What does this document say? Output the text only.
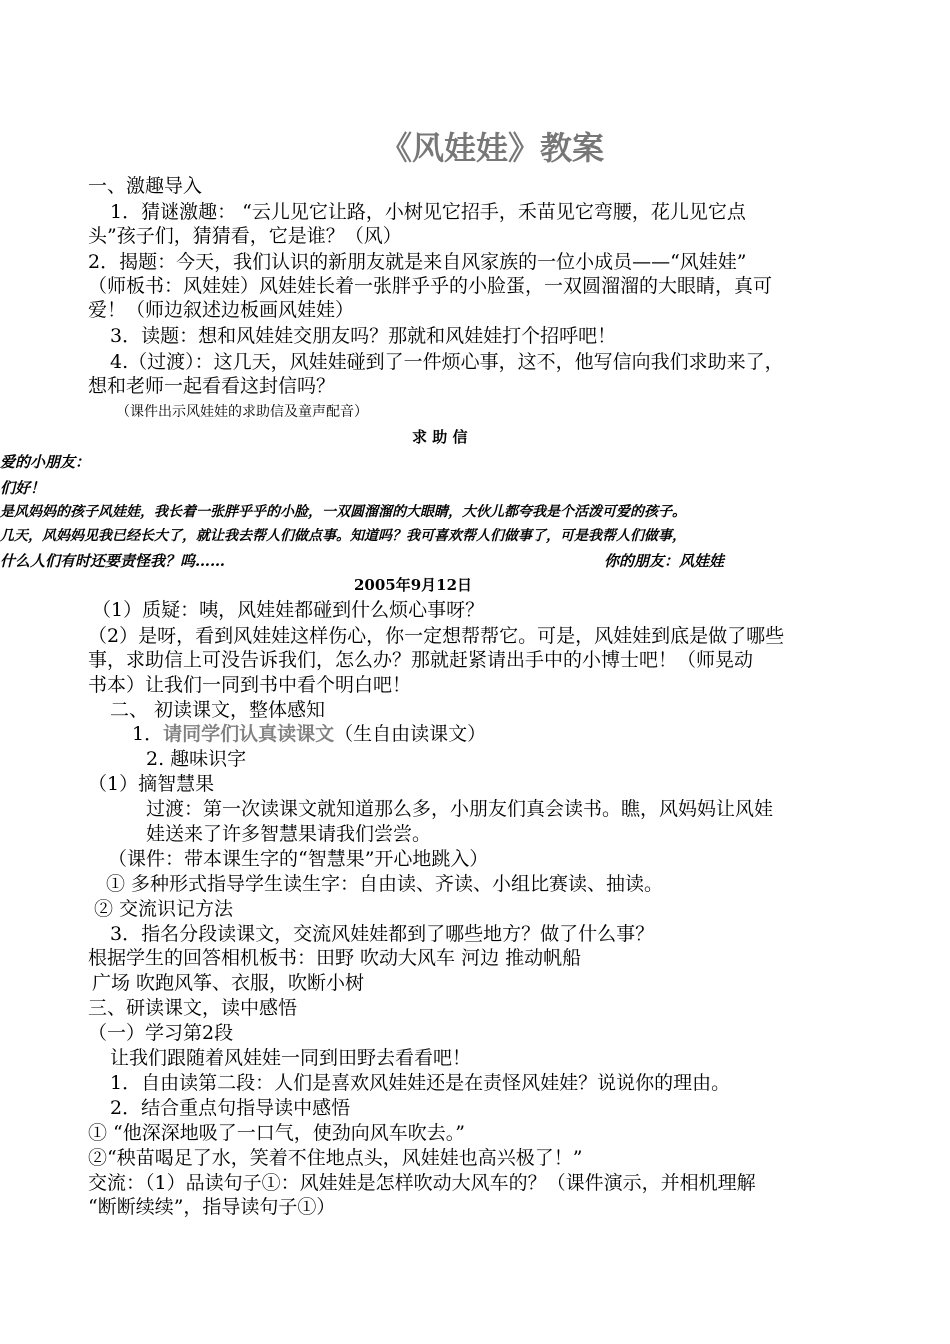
《风娃娃》教案
一、激趣导入
1．猜谜激趣： “云儿见它让路，小树见它招手，禾苗见它弯腰，花儿见它点
头”孩子们，猜猜看，它是谁？（风）
2．揭题：今天，我们认识的新朋友就是来自风家族的一位小成员——“风娃娃”
（师板书：风娃娃）风娃娃长着一张胖乎乎的小脸蛋，一双圆溜溜的大眼睛，真可
爱！（师边叙述边板画风娃娃）
3．读题：想和风娃娃交朋友吗？那就和风娃娃打个招呼吧！
4.（过渡）：这几天，风娃娃碰到了一件烦心事，这不，他写信向我们求助来了，
想和老师一起看看这封信吗？
（课件出示风娃娃的求助信及童声配音）
求 助 信
爱的小朋友：
们好！
是风妈妈的孩子风娃娃，我长着一张胖乎乎的小脸，一双圆溜溜的大眼睛，大伙儿都夸我是个活泼可爱的孩子。
几天，风妈妈见我已经长大了，就让我去帮人们做点事。知道吗？我可喜欢帮人们做事了，可是我帮人们做事，
什么人们有时还要责怪我？呜……	你的朋友：风娃娃
2005年9月12日
（1）质疑：咦，风娃娃都碰到什么烦心事呀？
（2）是呀，看到风娃娃这样伤心，你一定想帮帮它。可是，风娃娃到底是做了哪些
事，求助信上可没告诉我们，怎么办？那就赶紧请出手中的小博士吧！（师晃动
书本）让我们一同到书中看个明白吧！
二、 初读课文，整体感知
1．请同学们认真读课文（生自由读课文）
2. 趣味识字
（1）摘智慧果
过渡：第一次读课文就知道那么多，小朋友们真会读书。瞧，风妈妈让风娃
娃送来了许多智慧果请我们尝尝。
（课件：带本课生字的“智慧果”开心地跳入）
① 多种形式指导学生读生字：自由读、齐读、小组比赛读、抽读。
② 交流识记方法
3．指名分段读课文，交流风娃娃都到了哪些地方？做了什么事？
根据学生的回答相机板书：田野 吹动大风车 河边 推动帆船
广场 吹跑风筝、衣服，吹断小树
三、研读课文，读中感悟
（一）学习第2段
让我们跟随着风娃娃一同到田野去看看吧！
1．自由读第二段：人们是喜欢风娃娃还是在责怪风娃娃？说说你的理由。
2．结合重点句指导读中感悟
① “他深深地吸了一口气，使劲向风车吹去。”
②“秧苗喝足了水，笑着不住地点头，风娃娃也高兴极了！”
交流：（1）品读句子①：风娃娃是怎样吹动大风车的？（课件演示，并相机理解
“断断续续”，指导读句子①）
